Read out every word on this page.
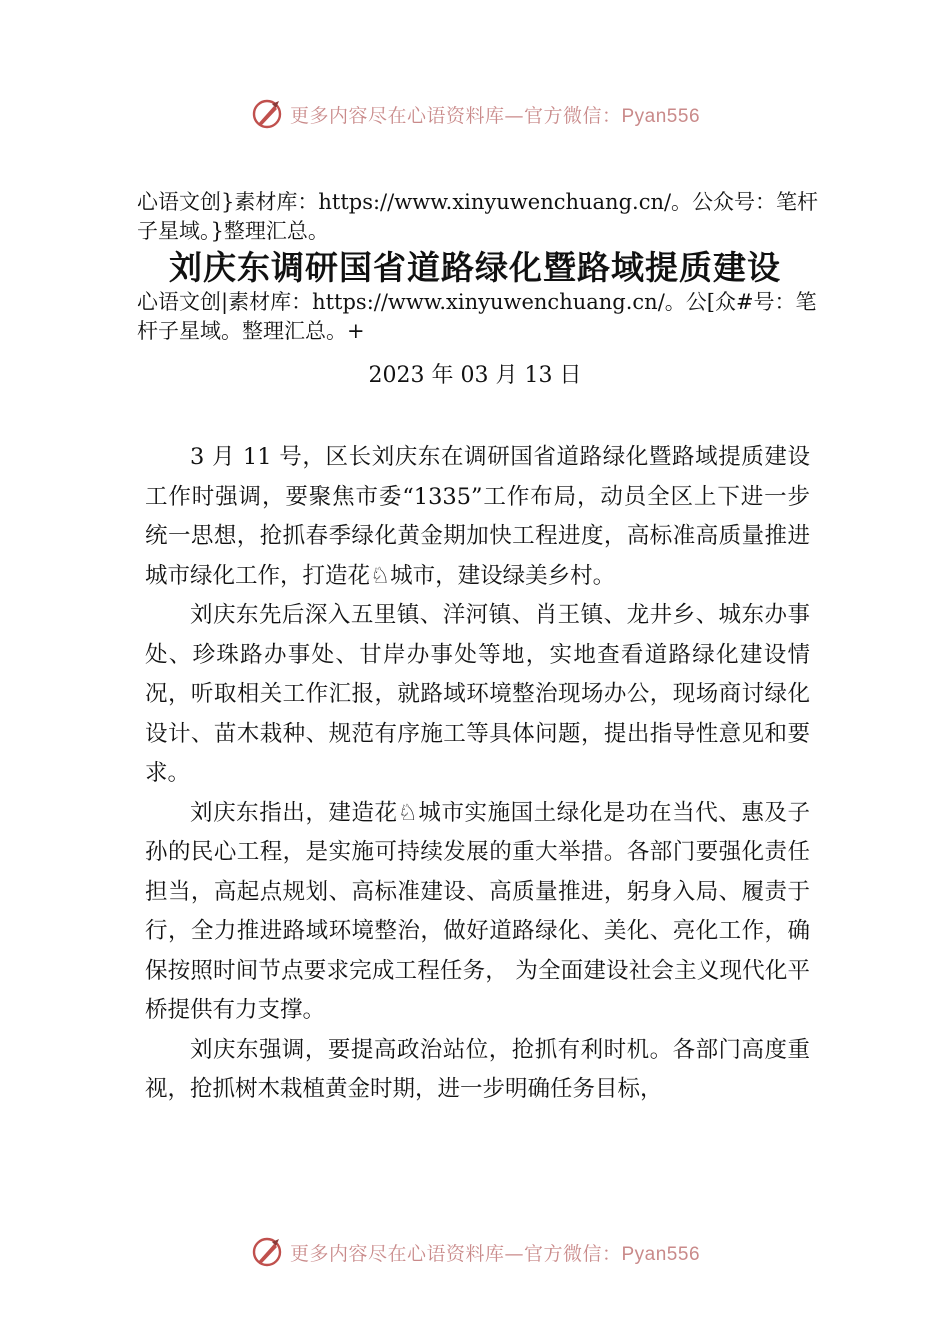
更多内容尽在心语资料库—官方微信：Pyan556
心语文创}素材库：https://www.xinyuwenchuang.cn/。公众号：笔杆子星域。}整理汇总。
刘庆东调研国省道路绿化暨路域提质建设
心语文创|素材库：https://www.xinyuwenchuang.cn/。公[众#号：笔杆子星域。整理汇总。+
2023 年 03 月 13 日

3 月 11 号，区长刘庆东在调研国省道路绿化暨路域提质建设工作时强调，要聚焦市委“1335”工作布局，动员全区上下进一步统一思想，抢抓春季绿化黄金期加快工程进度，高标准高质量推进城市绿化工作，打造花♘城市，建设绿美乡村。

刘庆东先后深入五里镇、洋河镇、肖王镇、龙井乡、城东办事处、珍珠路办事处、甘岸办事处等地，实地查看道路绿化建设情况，听取相关工作汇报，就路域环境整治现场办公，现场商讨绿化设计、苗木栽种、规范有序施工等具体问题，提出指导性意见和要求。

刘庆东指出，建造花♘城市实施国土绿化是功在当代、惠及子孙的民心工程，是实施可持续发展的重大举措。各部门要强化责任担当，高起点规划、高标准建设、高质量推进，躬身入局、履责于行，全力推进路域环境整治，做好道路绿化、美化、亮化工作，确保按照时间节点要求完成工程任务， 为全面建设社会主义现代化平桥提供有力支撑。

刘庆东强调，要提高政治站位，抢抓有利时机。各部门高度重视，抢抓树木栽植黄金时期，进一步明确任务目标，

更多内容尽在心语资料库—官方微信：Pyan556
